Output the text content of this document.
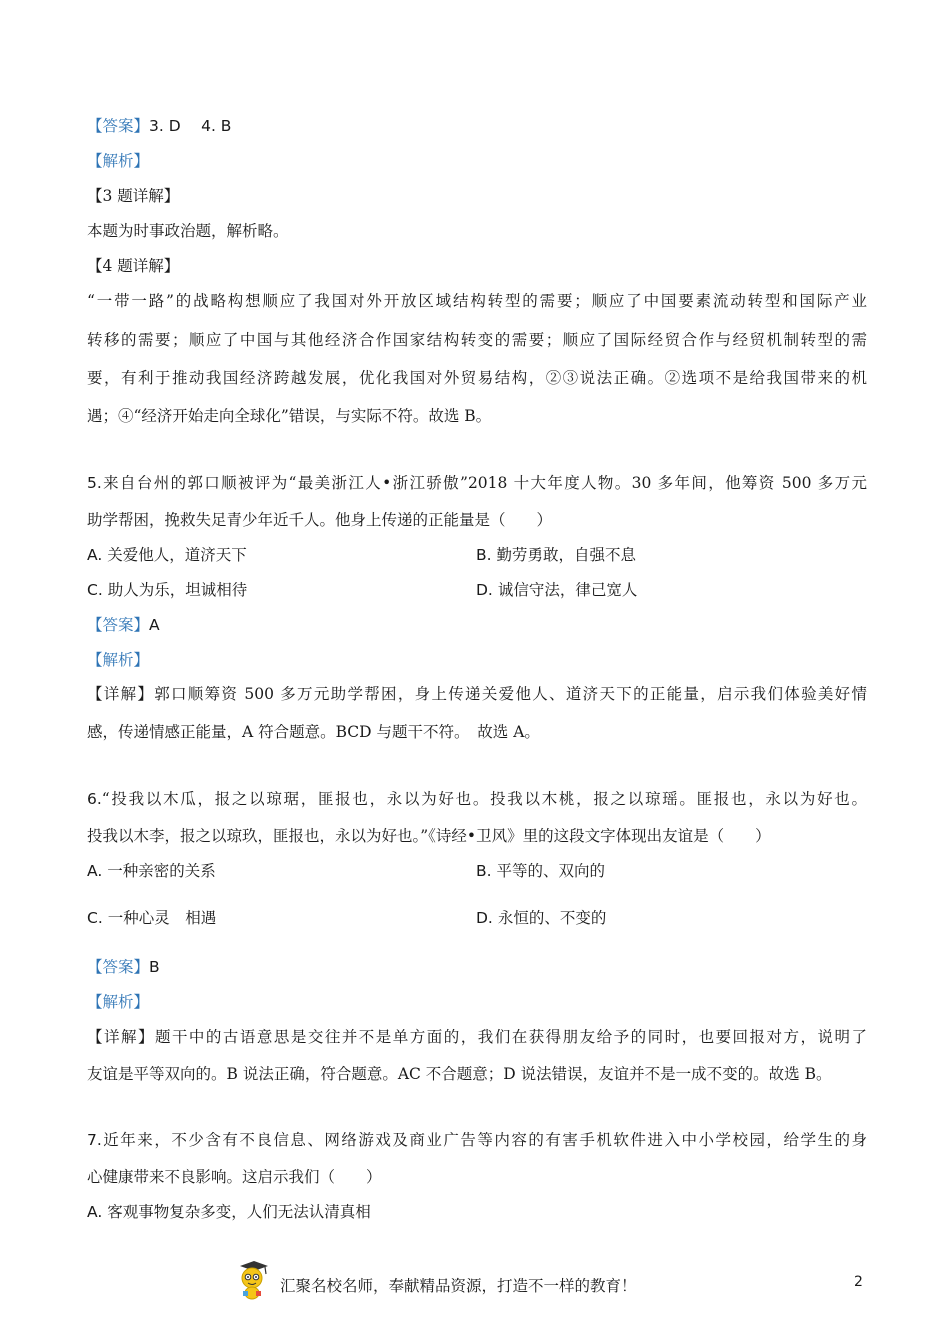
【答案】3. D　 4. B
【解析】
【3 题详解】
本题为时事政治题，解析略。
【4 题详解】
“一带一路”的战略构想顺应了我国对外开放区域结构转型的需要；顺应了中国要素流动转型和国际产业
转移的需要；顺应了中国与其他经济合作国家结构转变的需要；顺应了国际经贸合作与经贸机制转型的需
要，有利于推动我国经济跨越发展，优化我国对外贸易结构，②③说法正确。②选项不是给我国带来的机
遇；④“经济开始走向全球化”错误，与实际不符。故选 B。
5.来自台州的郭口顺被评为“最美浙江人•浙江骄傲”2018 十大年度人物。30 多年间，他筹资 500 多万元
助学帮困，挽救失足青少年近千人。他身上传递的正能量是（　　）
A. 关爱他人，道济天下	B. 勤劳勇敢，自强不息
C. 助人为乐，坦诚相待	D. 诚信守法，律己宽人
【答案】A
【解析】
【详解】郭口顺筹资 500 多万元助学帮困，身上传递关爱他人、道济天下的正能量，启示我们体验美好情
感，传递情感正能量，A 符合题意。BCD 与题干不符。　故选 A。
6.“投我以木瓜，报之以琼琚，匪报也，永以为好也。投我以木桃，报之以琼瑶。匪报也，永以为好也。
投我以木李，报之以琼玖，匪报也，永以为好也。”《诗经•卫风》里的这段文字体现出友谊是（　　）
A. 一种亲密的关系	B. 平等的、双向的
C. 一种心灵　相遇	D. 永恒的、不变的
【答案】B
【解析】
【详解】题干中的古语意思是交往并不是单方面的，我们在获得朋友给予的同时，也要回报对方，说明了
友谊是平等双向的。B 说法正确，符合题意。AC 不合题意；D 说法错误，友谊并不是一成不变的。故选 B。
7.近年来，不少含有不良信息、网络游戏及商业广告等内容的有害手机软件进入中小学校园，给学生的身
心健康带来不良影响。这启示我们（　　）
A. 客观事物复杂多变，人们无法认清真相
汇聚名校名师，奉献精品资源，打造不一样的教育！	2
